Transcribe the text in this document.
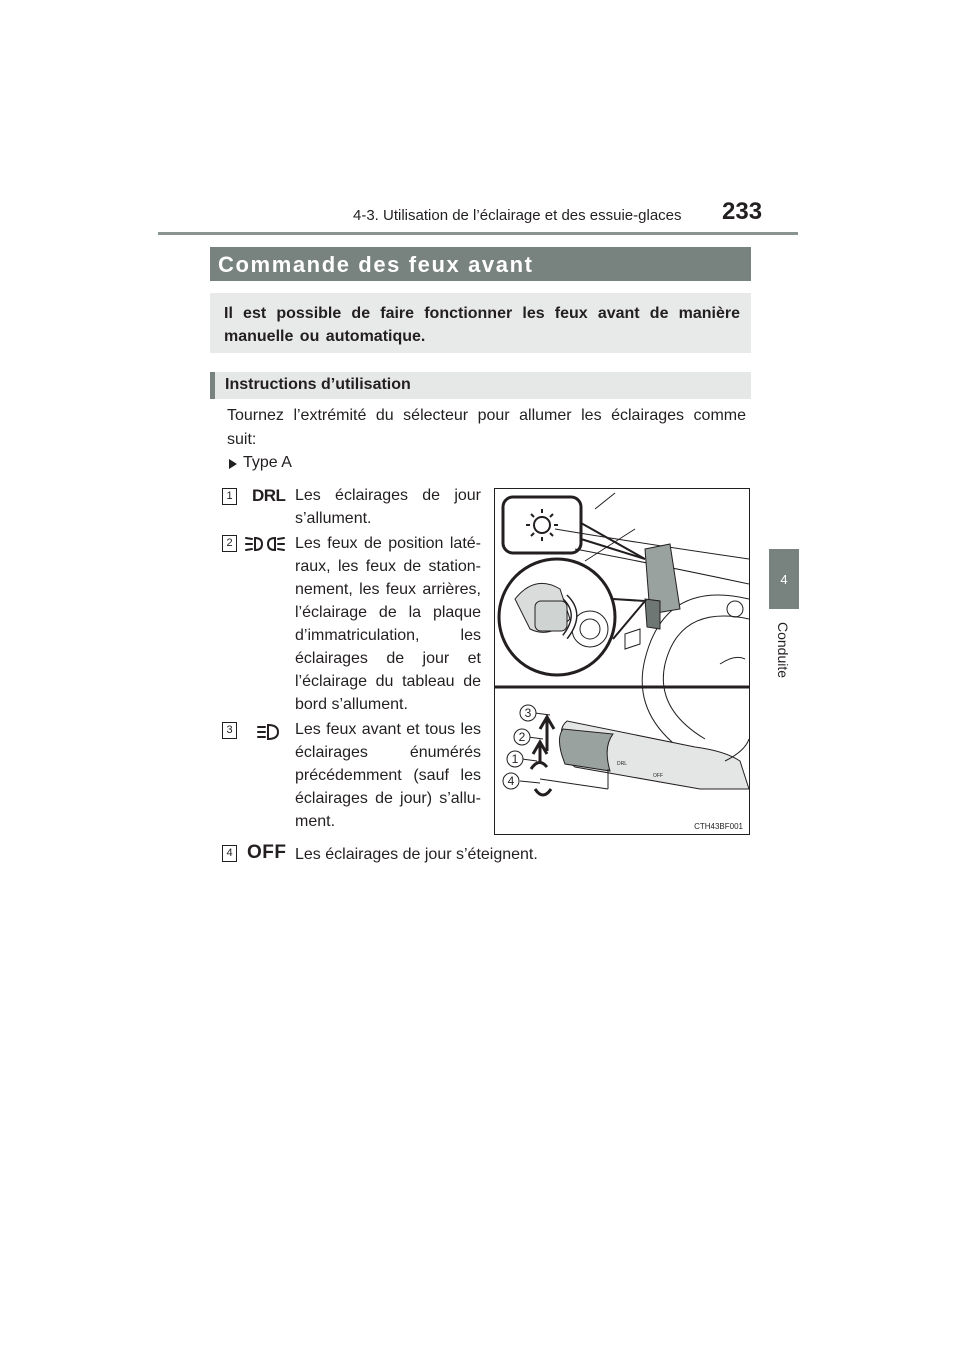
4-3. Utilisation de l’éclairage et des essuie-glaces 233
4
Conduite
Commande des feux avant
Il est possible de faire fonctionner les feux avant de manière manuelle ou automatique.
Instructions d’utilisation
Tournez l’extrémité du sélecteur pour allumer les éclairages comme suit:
Type A
1 DRL Les éclairages de jour s’allument.
2	Les feux de position laté-raux, les feux de station-nement, les feux arrières, l’éclairage de la plaque d’immatriculation, les éclairages de jour et l’éclairage du tableau de bord s’allument.
3	Les feux avant et tous les éclairages énumérés précédemment (sauf les éclairages de jour) s’allu-ment.
4 OFF Les éclairages de jour s’éteignent.
3
2
1
4
DRL
OFF
CTH43BF001
